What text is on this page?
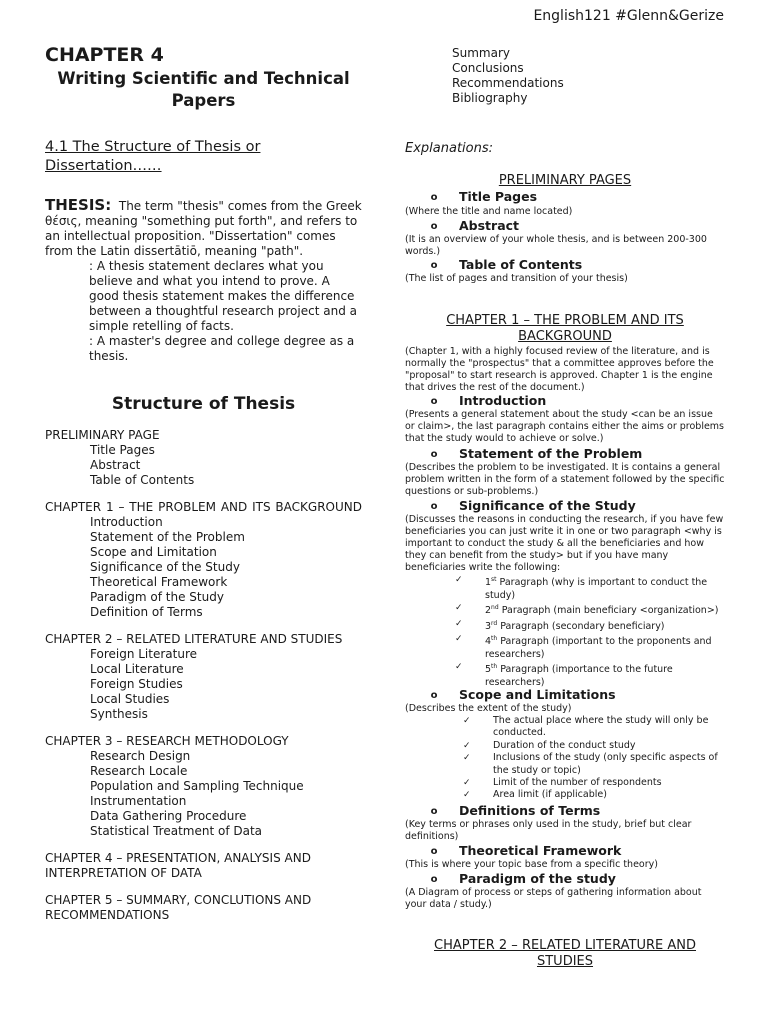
English121 #Glenn&Gerize
CHAPTER 4
Writing Scientific and Technical Papers
4.1 The Structure of Thesis or Dissertation……

THESIS: The term "thesis" comes from the Greek θέσις, meaning "something put forth", and refers to an intellectual proposition. "Dissertation" comes from the Latin dissertātiō, meaning "path".

: A thesis statement declares what you believe and what you intend to prove. A good thesis statement makes the difference between a thoughtful research project and a simple retelling of facts.

: A master's degree and college degree as a thesis.

Structure of Thesis
PRELIMINARY PAGE
Title Pages
Abstract
Table of Contents
CHAPTER 1 – THE PROBLEM AND ITS BACKGROUND
Introduction
Statement of the Problem
Scope and Limitation
Significance of the Study
Theoretical Framework
Paradigm of the Study
Definition of Terms
CHAPTER 2 – RELATED LITERATURE AND STUDIES
Foreign Literature
Local Literature
Foreign Studies
Local Studies
Synthesis
CHAPTER 3 – RESEARCH METHODOLOGY
Research Design
Research Locale
Population and Sampling Technique
Instrumentation
Data Gathering Procedure
Statistical Treatment of Data
CHAPTER 4 – PRESENTATION, ANALYSIS AND INTERPRETATION OF DATA
CHAPTER 5 – SUMMARY, CONCLUTIONS AND RECOMMENDATIONS
Summary
Conclusions
Recommendations
Bibliography
Explanations:
PRELIMINARY PAGES
o Title Pages
(Where the title and name located)
o Abstract
(It is an overview of your whole thesis, and is between 200-300 words.)
o Table of Contents
(The list of pages and transition of your thesis)
CHAPTER 1 – THE PROBLEM AND ITS BACKGROUND
(Chapter 1, with a highly focused review of the literature, and is normally the "prospectus" that a committee approves before the "proposal" to start research is approved. Chapter 1 is the engine that drives the rest of the document.)
o Introduction
(Presents a general statement about the study <can be an issue or claim>, the last paragraph contains either the aims or problems that the study would to achieve or solve.)
o Statement of the Problem
(Describes the problem to be investigated. It is contains a general problem written in the form of a statement followed by the specific questions or sub-problems.)
o Significance of the Study
(Discusses the reasons in conducting the research, if you have few beneficiaries you can just write it in one or two paragraph <why is important to conduct the study & all the beneficiaries and how they can benefit from the study> but if you have many beneficiaries write the following:
✓ 1st Paragraph (why is important to conduct the study)
✓ 2nd Paragraph (main beneficiary <organization>)
✓ 3rd Paragraph (secondary beneficiary)
✓ 4th Paragraph (important to the proponents and researchers)
✓ 5th Paragraph (importance to the future researchers)
o Scope and Limitations
(Describes the extent of the study)
✓ The actual place where the study will only be conducted.
✓ Duration of the conduct study
✓ Inclusions of the study (only specific aspects of the study or topic)
✓ Limit of the number of respondents
✓ Area limit (if applicable)
o Definitions of Terms
(Key terms or phrases only used in the study, brief but clear definitions)
o Theoretical Framework
(This is where your topic base from a specific theory)
o Paradigm of the study
(A Diagram of process or steps of gathering information about your data / study.)
CHAPTER 2 – RELATED LITERATURE AND STUDIES
